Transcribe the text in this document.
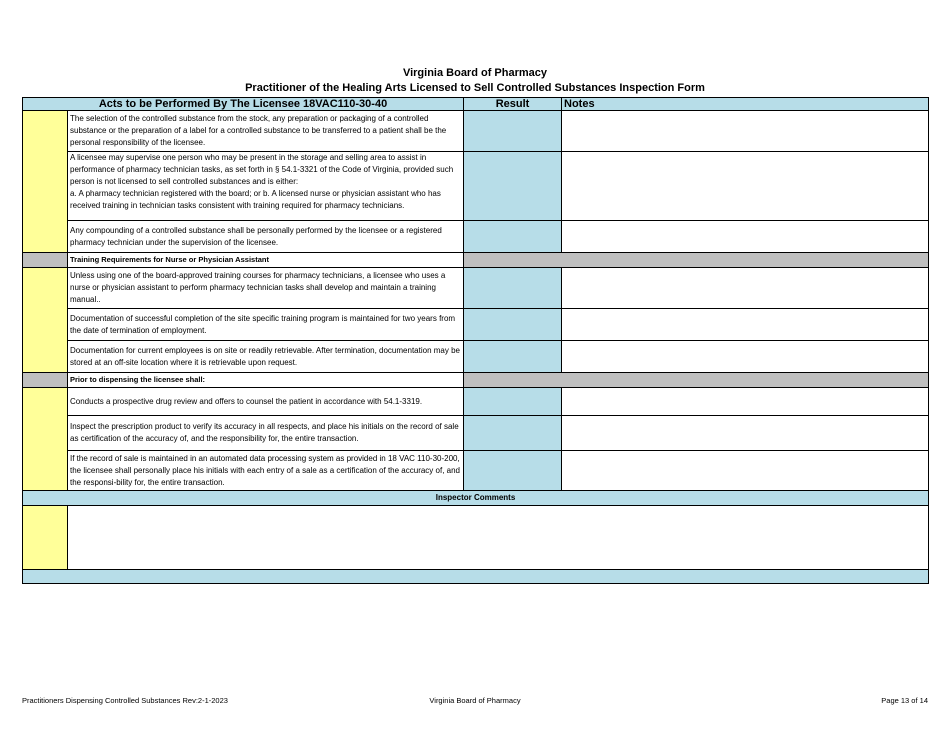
Virginia Board of Pharmacy
Practitioner of the Healing Arts Licensed to Sell Controlled Substances Inspection Form
Acts to be Performed By The Licensee 18VAC110-30-40		Result	Notes
	The selection of the controlled substance from the stock, any preparation or packaging of a controlled substance or the preparation of a label for a controlled substance to be transferred to a patient shall be the personal responsibility of the licensee.		

	A licensee may supervise one person who may be present in the storage and selling area to assist in performance of pharmacy technician tasks, as set forth in § 54.1-3321 of the Code of Virginia, provided such person is not licensed to sell controlled substances and is either:
a. A pharmacy technician registered with the board; or b. A licensed nurse or physician assistant who has received training in technician tasks consistent with training required for pharmacy technicians.		

	Any compounding of a controlled substance shall be personally performed by the licensee or a registered pharmacy technician under the supervision of the licensee.		
	Training Requirements for Nurse or Physician Assistant		
	Unless using one of the board-approved training courses for pharmacy technicians, a licensee who uses a nurse or physician assistant to perform pharmacy technician tasks shall develop and maintain a training manual..		
	Documentation of successful completion of the site specific training program is maintained for two years from the date of termination of employment.		
	Documentation for current employees is on site or readily retrievable. After termination, documentation may be stored at an off-site location where it is retrievable upon request.		
	Prior to dispensing the licensee shall:		
	Conducts a prospective drug review and offers to counsel the patient in accordance with 54.1-3319.		
	Inspect the prescription product to verify its accuracy in all respects, and place his initials on the record of sale as certification of the accuracy of, and the responsibility for, the entire transaction.		
	If the record of sale is maintained in an automated data processing system as provided in 18 VAC 110-30-200, the licensee shall personally place his initials with each entry of a sale as a certification of the accuracy of, and the responsi-bility for, the entire transaction.		
Inspector Comments			

Practitioners Dispensing Controlled Substances Rev:2-1-2023	Virginia Board of Pharmacy	Page 13 of 14
